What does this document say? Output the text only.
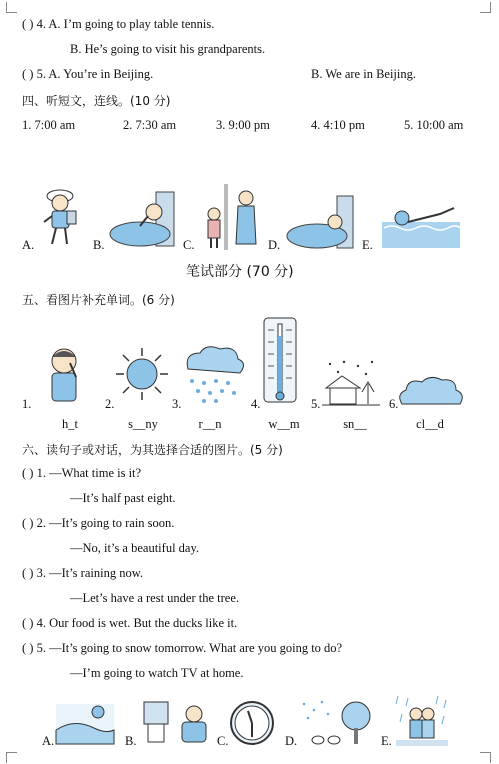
( ) 4. A. I’m going to play table tennis.
B. He’s going to visit his grandparents.
( ) 5. A. You’re in Beijing.	B. We are in Beijing.
四、听短文，连线。(10 分)
1. 7:00 am	2. 7:30 am	3. 9:00 pm	4. 4:10 pm	5. 10:00 am
A.	B.	C.	D.	E.
笔试部分 (70 分)
五、看图片补充单词。(6 分)
1.	2.	3.	4.	5.	6.
h_t	s__ny	r__n	w__m	sn__	cl__d
六、读句子或对话，为其选择合适的图片。(5 分)
( ) 1. —What time is it?
—It’s half past eight.
( ) 2. —It’s going to rain soon.
—No, it’s a beautiful day.
( ) 3. —It’s raining now.
—Let’s have a rest under the tree.
( ) 4. Our food is wet. But the ducks like it.
( ) 5. —It’s going to snow tomorrow. What are you going to do?
—I’m going to watch TV at home.
A.	B.	C.	D.	E.
